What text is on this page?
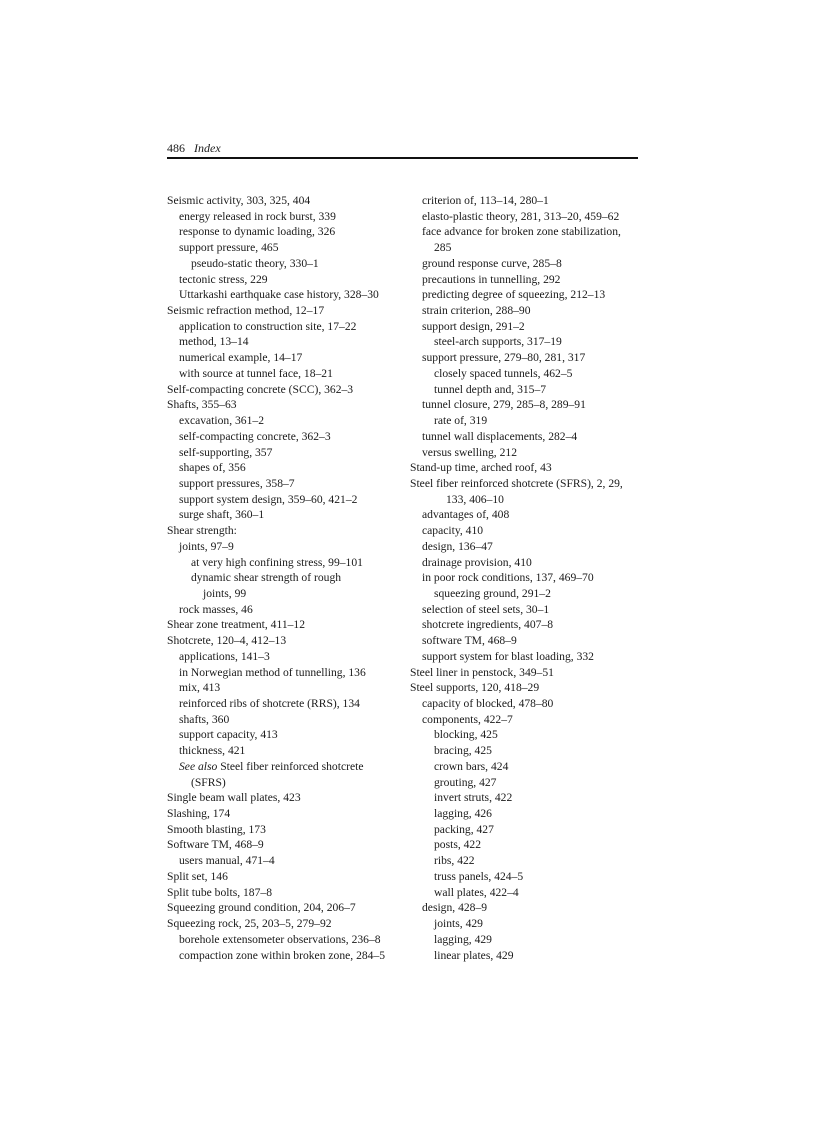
486 Index
Seismic activity, 303, 325, 404
energy released in rock burst, 339
response to dynamic loading, 326
support pressure, 465
pseudo-static theory, 330–1
tectonic stress, 229
Uttarkashi earthquake case history, 328–30
Seismic refraction method, 12–17
application to construction site, 17–22
method, 13–14
numerical example, 14–17
with source at tunnel face, 18–21
Self-compacting concrete (SCC), 362–3
Shafts, 355–63
excavation, 361–2
self-compacting concrete, 362–3
self-supporting, 357
shapes of, 356
support pressures, 358–7
support system design, 359–60, 421–2
surge shaft, 360–1
Shear strength:
joints, 97–9
at very high confining stress, 99–101
dynamic shear strength of rough
joints, 99
rock masses, 46
Shear zone treatment, 411–12
Shotcrete, 120–4, 412–13
applications, 141–3
in Norwegian method of tunnelling, 136
mix, 413
reinforced ribs of shotcrete (RRS), 134
shafts, 360
support capacity, 413
thickness, 421
See also Steel fiber reinforced shotcrete
(SFRS)
Single beam wall plates, 423
Slashing, 174
Smooth blasting, 173
Software TM, 468–9
users manual, 471–4
Split set, 146
Split tube bolts, 187–8
Squeezing ground condition, 204, 206–7
Squeezing rock, 25, 203–5, 279–92
borehole extensometer observations, 236–8
compaction zone within broken zone, 284–5
criterion of, 113–14, 280–1
elasto-plastic theory, 281, 313–20, 459–62
face advance for broken zone stabilization,
285
ground response curve, 285–8
precautions in tunnelling, 292
predicting degree of squeezing, 212–13
strain criterion, 288–90
support design, 291–2
steel-arch supports, 317–19
support pressure, 279–80, 281, 317
closely spaced tunnels, 462–5
tunnel depth and, 315–7
tunnel closure, 279, 285–8, 289–91
rate of, 319
tunnel wall displacements, 282–4
versus swelling, 212
Stand-up time, arched roof, 43
Steel fiber reinforced shotcrete (SFRS), 2, 29,
133, 406–10
advantages of, 408
capacity, 410
design, 136–47
drainage provision, 410
in poor rock conditions, 137, 469–70
squeezing ground, 291–2
selection of steel sets, 30–1
shotcrete ingredients, 407–8
software TM, 468–9
support system for blast loading, 332
Steel liner in penstock, 349–51
Steel supports, 120, 418–29
capacity of blocked, 478–80
components, 422–7
blocking, 425
bracing, 425
crown bars, 424
grouting, 427
invert struts, 422
lagging, 426
packing, 427
posts, 422
ribs, 422
truss panels, 424–5
wall plates, 422–4
design, 428–9
joints, 429
lagging, 429
linear plates, 429
